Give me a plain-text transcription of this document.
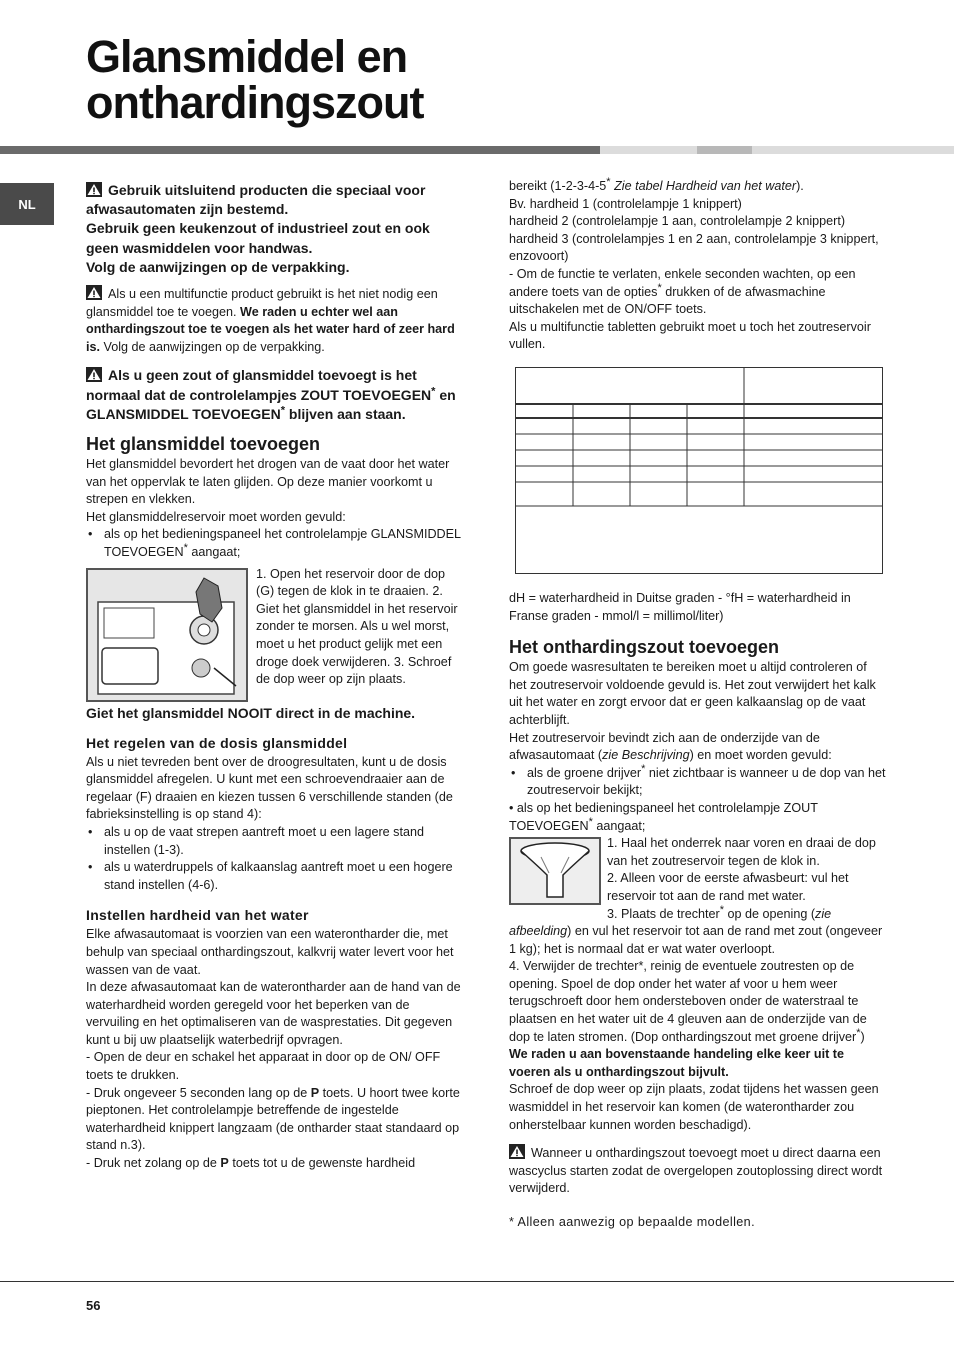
Glansmiddel en
onthardingszout
NL

Gebruik uitsluitend producten die speciaal voor afwasautomaten zijn bestemd.
Gebruik geen keukenzout of industrieel zout en ook geen wasmiddelen voor handwas.
Volg de aanwijzingen op de verpakking.

Als u een multifunctie product gebruikt is het niet nodig een glansmiddel toe te voegen. We raden u echter wel aan onthardingszout toe te voegen als het water hard of zeer hard is. Volg de aanwijzingen op de verpakking.

Als u geen zout of glansmiddel toevoegt is het normaal dat de controlelampjes ZOUT TOEVOEGEN* en GLANSMIDDEL TOEVOEGEN* blijven aan staan.

Het glansmiddel toevoegen

Het glansmiddel bevordert het drogen van de vaat door het water van het oppervlak te laten glijden. Op deze manier voorkomt u strepen en vlekken.

Het glansmiddelreservoir moet worden gevuld:

• als op het bedieningspaneel het controlelampje GLANSMIDDEL TOEVOEGEN* aangaat;

1. Open het reservoir door de dop (G) tegen de klok in te draaien. 2. Giet het glansmiddel in het reservoir zonder te morsen. Als u wel morst, moet u het product gelijk met een droge doek verwijderen. 3. Schroef de dop weer op zijn plaats.

Giet het glansmiddel NOOIT direct in de machine.

Het regelen van de dosis glansmiddel

Als u niet tevreden bent over de droogresultaten, kunt u de dosis glansmiddel afregelen. U kunt met een schroevendraaier aan de regelaar (F) draaien en kiezen tussen 6 verschillende standen (de fabrieksinstelling is op stand 4):

• als u op de vaat strepen aantreft moet u een lagere stand instellen (1-3).
• als u waterdruppels of kalkaanslag aantreft moet u een hogere stand instellen (4-6).
Instellen hardheid van het water

Elke afwasautomaat is voorzien van een waterontharder die, met behulp van speciaal onthardingszout, kalkvrij water levert voor het wassen van de vaat.

In deze afwasautomaat kan de waterontharder aan de hand van de waterhardheid worden geregeld voor het beperken van de vervuiling en het optimaliseren van de wasprestaties. Dit gegeven kunt u bij uw plaatselijk waterbedrijf opvragen.

- Open de deur en schakel het apparaat in door op de ON/ OFF toets te drukken.

- Druk ongeveer 5 seconden lang op de P toets. U hoort twee korte pieptonen. Het controlelampje betreffende de ingestelde waterhardheid knippert langzaam (de ontharder staat standaard op stand n.3).

- Druk net zolang op de P toets tot u de gewenste hardheid

bereikt (1-2-3-4-5* Zie tabel Hardheid van het water).

Bv. hardheid 1 (controlelampje 1 knippert)

hardheid 2 (controlelampje 1 aan, controlelampje 2 knippert)

hardheid 3 (controlelampjes 1 en 2 aan, controlelampje 3 knippert, enzovoort)

- Om de functie te verlaten, enkele seconden wachten, op een andere toets van de opties* drukken of de afwasmachine uitschakelen met de ON/OFF toets.

Als u multifunctie tabletten gebruikt moet u toch het zoutreservoir vullen.

dH = waterhardheid in Duitse graden - °fH = waterhardheid in Franse graden - mmol/l = millimol/liter)

Het onthardingszout toevoegen

Om goede wasresultaten te bereiken moet u altijd controleren of het zoutreservoir voldoende gevuld is. Het zout verwijdert het kalk uit het water en zorgt ervoor dat er geen kalkaanslag op de vaat achterblijft.

Het zoutreservoir bevindt zich aan de onderzijde van de afwasautomaat (zie Beschrijving) en moet worden gevuld:

• als de groene drijver* niet zichtbaar is wanneer u de dop van het zoutreservoir bekijkt;

• als op het bedieningspaneel het controlelampje ZOUT TOEVOEGEN* aangaat;

1. Haal het onderrek naar voren en draai de dop van het zoutreservoir tegen de klok in.

2. Alleen voor de eerste afwasbeurt: vul het reservoir tot aan de rand met water.

3. Plaats de trechter* op de opening (zie afbeelding) en vul het reservoir tot aan de rand met zout (ongeveer 1 kg); het is normaal dat er wat water overloopt.

4. Verwijder de trechter*, reinig de eventuele zoutresten op de opening. Spoel de dop onder het water af voor u hem weer terugschroeft door hem ondersteboven onder de waterstraal te plaatsen en het water uit de 4 gleuven aan de onderzijde van de dop te laten stromen. (Dop onthardingszout met groene drijver*)

We raden u aan bovenstaande handeling elke keer uit te voeren als u onthardingszout bijvult.

Schroef de dop weer op zijn plaats, zodat tijdens het wassen geen wasmiddel in het reservoir kan komen (de waterontharder zou onherstelbaar kunnen worden beschadigd).

Wanneer u onthardingszout toevoegt moet u direct daarna een wascyclus starten zodat de overgelopen zoutoplossing direct wordt verwijderd.

* Alleen aanwezig op bepaalde modellen.

56
